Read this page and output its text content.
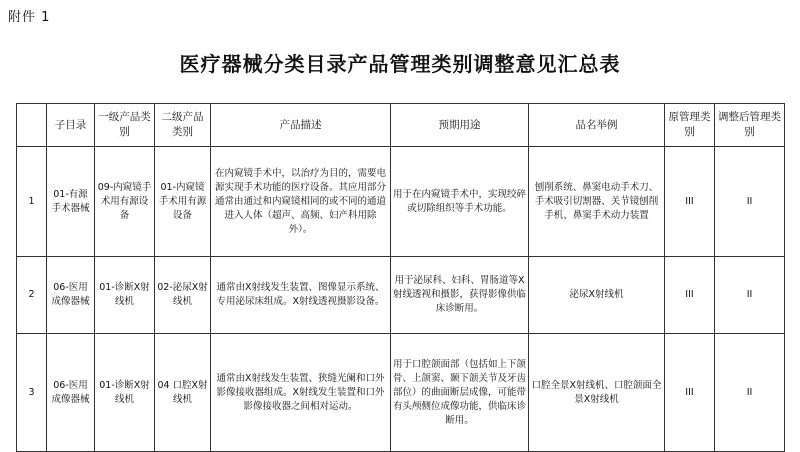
附件 1
医疗器械分类目录产品管理类别调整意见汇总表
	子目录	一级产品类别	二级产品类别	产品描述	预期用途	品名举例	原管理类别	调整后管理类别
1	01-有源手术器械	09-内窥镜手术用有源设备	01-内窥镜手术用有源设备	在内窥镜手术中，以治疗为目的，需要电源实现手术功能的医疗设备。其应用部分通常由通过和内窥镜相同的或不同的通道进入人体（超声、高频、妇产科用除外）。	用于在内窥镜手术中，实现绞碎或切除组织等手术功能。	刨削系统、鼻窦电动手术刀、手术吸引切割器、关节镜刨削手机、鼻窦手术动力装置	III	II
2	06-医用成像器械	01-诊断X射线机	02-泌尿X射线机	通常由X射线发生装置、图像显示系统、专用泌尿床组成。X射线透视摄影设备。	用于泌尿科、妇科、胃肠道等X射线透视和摄影，获得影像供临床诊断用。	泌尿X射线机	III	II
3	06-医用成像器械	01-诊断X射线机	04 口腔X射线机	通常由X射线发生装置、狭缝光阑和口外影像接收器组成。X射线发生装置和口外影像接收器之间相对运动。	用于口腔颌面部（包括如上下颌骨、上颌窦、颞下颌关节及牙齿部位）的曲面断层成像，可能带有头颅侧位成像功能，供临床诊断用。	口腔全景X射线机、口腔颌面全景X射线机	III	II
